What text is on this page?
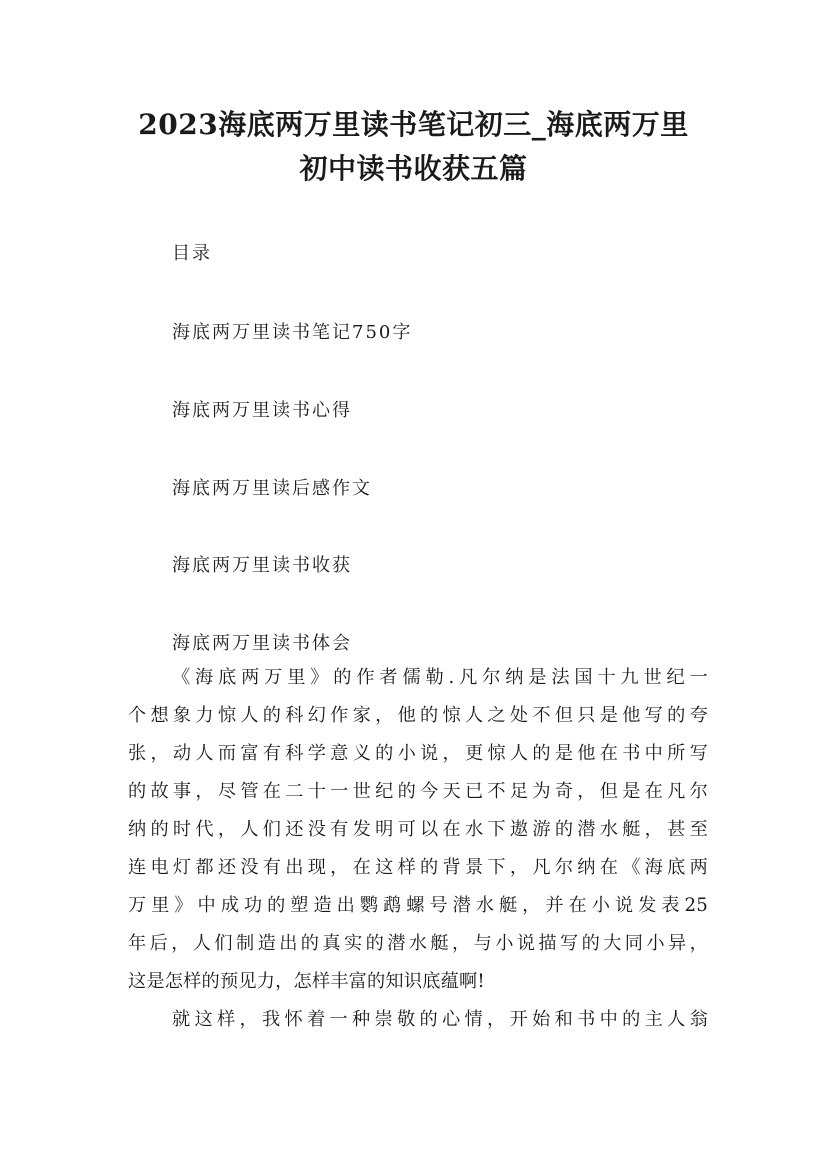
2023海底两万里读书笔记初三_海底两万里
初中读书收获五篇
目录
海底两万里读书笔记750字
海底两万里读书心得
海底两万里读后感作文
海底两万里读书收获
海底两万里读书体会
《海底两万里》的作者儒勒.凡尔纳是法国十九世纪一
个想象力惊人的科幻作家，他的惊人之处不但只是他写的夸
张，动人而富有科学意义的小说，更惊人的是他在书中所写
的故事，尽管在二十一世纪的今天已不足为奇，但是在凡尔
纳的时代，人们还没有发明可以在水下遨游的潜水艇，甚至
连电灯都还没有出现，在这样的背景下，凡尔纳在《海底两
万里》中成功的塑造出鹦鹉螺号潜水艇，并在小说发表25
年后，人们制造出的真实的潜水艇，与小说描写的大同小异，
这是怎样的预见力，怎样丰富的知识底蕴啊!
就这样，我怀着一种崇敬的心情，开始和书中的主人翁
